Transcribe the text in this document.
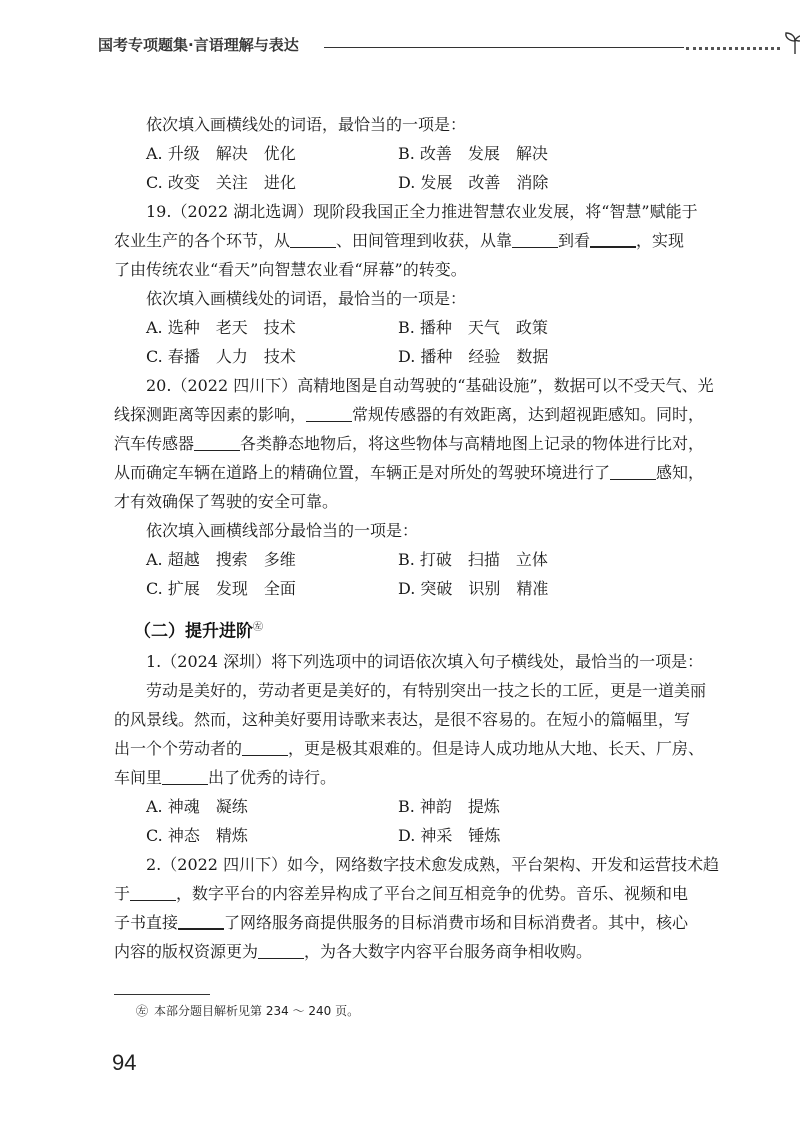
国考专项题集·言语理解与表达
依次填入画横线处的词语，最恰当的一项是：
A. 升级　解决　优化	B. 改善　发展　解决
C. 改变　关注　进化	D. 发展　改善　消除
19.（2022 湖北选调）现阶段我国正全力推进智慧农业发展，将“智慧”赋能于
农业生产的各个环节，从	、田间管理到收获，从靠	到看	，实现
了由传统农业“看天”向智慧农业看“屏幕”的转变。
依次填入画横线处的词语，最恰当的一项是：
A. 选种　老天　技术	B. 播种　天气　政策
C. 春播　人力　技术	D. 播种　经验　数据
20.（2022 四川下）高精地图是自动驾驶的“基础设施”，数据可以不受天气、光
线探测距离等因素的影响，	常规传感器的有效距离，达到超视距感知。同时，
汽车传感器	各类静态地物后，将这些物体与高精地图上记录的物体进行比对，
从而确定车辆在道路上的精确位置，车辆正是对所处的驾驶环境进行了	感知，
才有效确保了驾驶的安全可靠。
依次填入画横线部分最恰当的一项是：
A. 超越　搜索　多维	B. 打破　扫描　立体
C. 扩展　发现　全面	D. 突破　识别　精准
（二）提升进阶㊧
1.（2024 深圳）将下列选项中的词语依次填入句子横线处，最恰当的一项是：
劳动是美好的，劳动者更是美好的，有特别突出一技之长的工匠，更是一道美丽
的风景线。然而，这种美好要用诗歌来表达，是很不容易的。在短小的篇幅里，写
出一个个劳动者的	，更是极其艰难的。但是诗人成功地从大地、长天、厂房、
车间里	出了优秀的诗行。
A. 神魂　凝练	B. 神韵　提炼
C. 神态　精炼	D. 神采　锤炼
2.（2022 四川下）如今，网络数字技术愈发成熟，平台架构、开发和运营技术趋
于	，数字平台的内容差异构成了平台之间互相竞争的优势。音乐、视频和电
子书直接	了网络服务商提供服务的目标消费市场和目标消费者。其中，核心
内容的版权资源更为	，为各大数字内容平台服务商争相收购。
㊧ 本部分题目解析见第 234 ～ 240 页。
94
